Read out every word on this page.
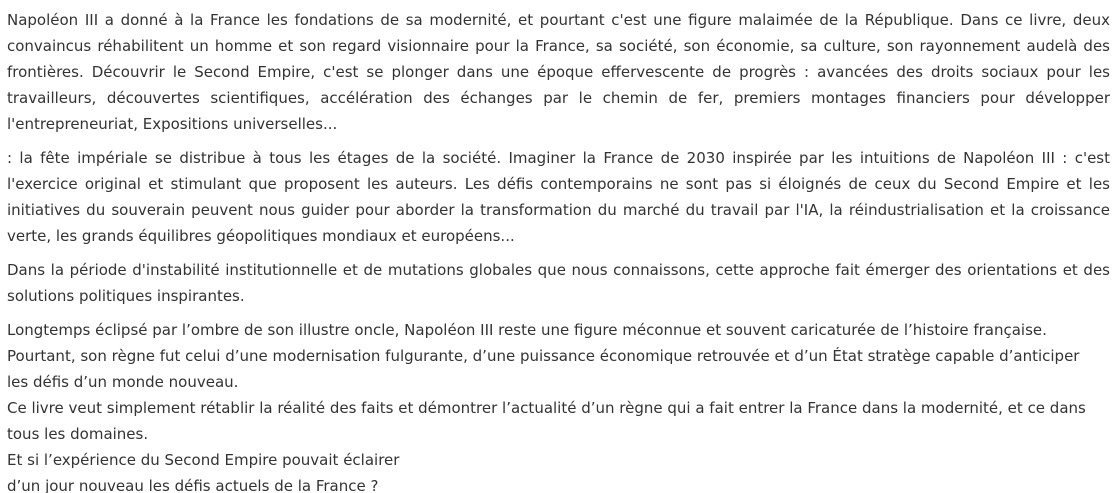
Napoléon III a donné à la France les fondations de sa modernité, et pourtant c'est une figure malaimée de la République. Dans ce livre, deux
convaincus réhabilitent un homme et son regard visionnaire pour la France, sa société, son économie, sa culture, son rayonnement audelà des
frontières. Découvrir le Second Empire, c'est se plonger dans une époque effervescente de progrès : avancées des droits sociaux pour les
travailleurs, découvertes scientifiques, accélération des échanges par le chemin de fer, premiers montages financiers pour développer
l'entrepreneuriat, Expositions universelles...

: la fête impériale se distribue à tous les étages de la société. Imaginer la France de 2030 inspirée par les intuitions de Napoléon III : c'est
l'exercice original et stimulant que proposent les auteurs. Les défis contemporains ne sont pas si éloignés de ceux du Second Empire et les
initiatives du souverain peuvent nous guider pour aborder la transformation du marché du travail par l'IA, la réindustrialisation et la croissance
verte, les grands équilibres géopolitiques mondiaux et européens...

Dans la période d'instabilité institutionnelle et de mutations globales que nous connaissons, cette approche fait émerger des orientations et des
solutions politiques inspirantes.

Longtemps éclipsé par l’ombre de son illustre oncle, Napoléon III reste une figure méconnue et souvent caricaturée de l’histoire française.
Pourtant, son règne fut celui d’une modernisation fulgurante, d’une puissance économique retrouvée et d’un État stratège capable d’anticiper
les défis d’un monde nouveau.
Ce livre veut simplement rétablir la réalité des faits et démontrer l’actualité d’un règne qui a fait entrer la France dans la modernité, et ce dans
tous les domaines.
Et si l’expérience du Second Empire pouvait éclairer
d’un jour nouveau les défis actuels de la France ?
